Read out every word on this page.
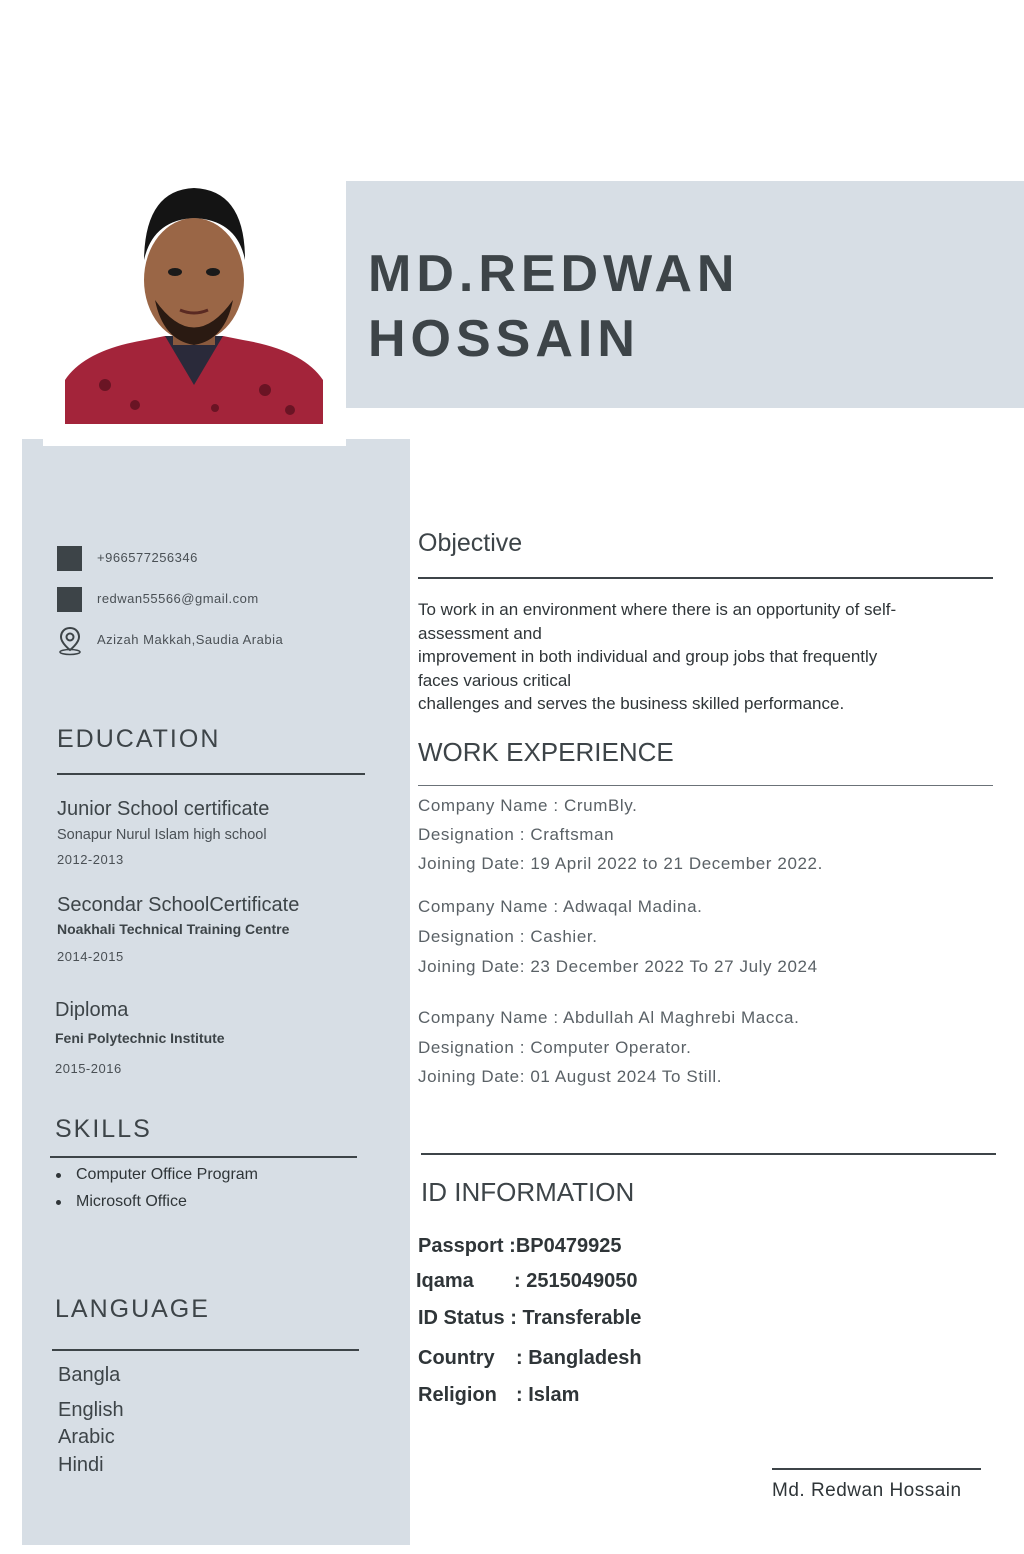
MD.REDWAN
HOSSAIN
+966577256346
redwan55566@gmail.com
Azizah Makkah,Saudia Arabia
EDUCATION
Junior School certificate
Sonapur Nurul Islam high school
2012-2013
Secondar SchoolCertificate
Noakhali Technical Training Centre
2014-2015
Diploma
Feni Polytechnic Institute
2015-2016
SKILLS
Computer Office Program
Microsoft Office
LANGUAGE
Bangla
English
Arabic
Hindi
Objective
To work in an environment where there is an opportunity of self-
assessment and
improvement in both individual and group jobs that frequently
faces various critical
challenges and serves the business skilled performance.
WORK EXPERIENCE
Company Name : CrumBly.
Designation : Craftsman
Joining Date: 19 April 2022 to 21 December 2022.
Company Name : Adwaqal Madina.
Designation : Cashier.
Joining Date: 23 December 2022 To 27 July 2024
Company Name : Abdullah Al Maghrebi Macca.
Designation : Computer Operator.
Joining Date: 01 August 2024 To Still.
ID INFORMATION
Passport :BP0479925
Iqama : 2515049050
ID Status : Transferable
Country : Bangladesh
Religion : Islam
Md. Redwan Hossain
